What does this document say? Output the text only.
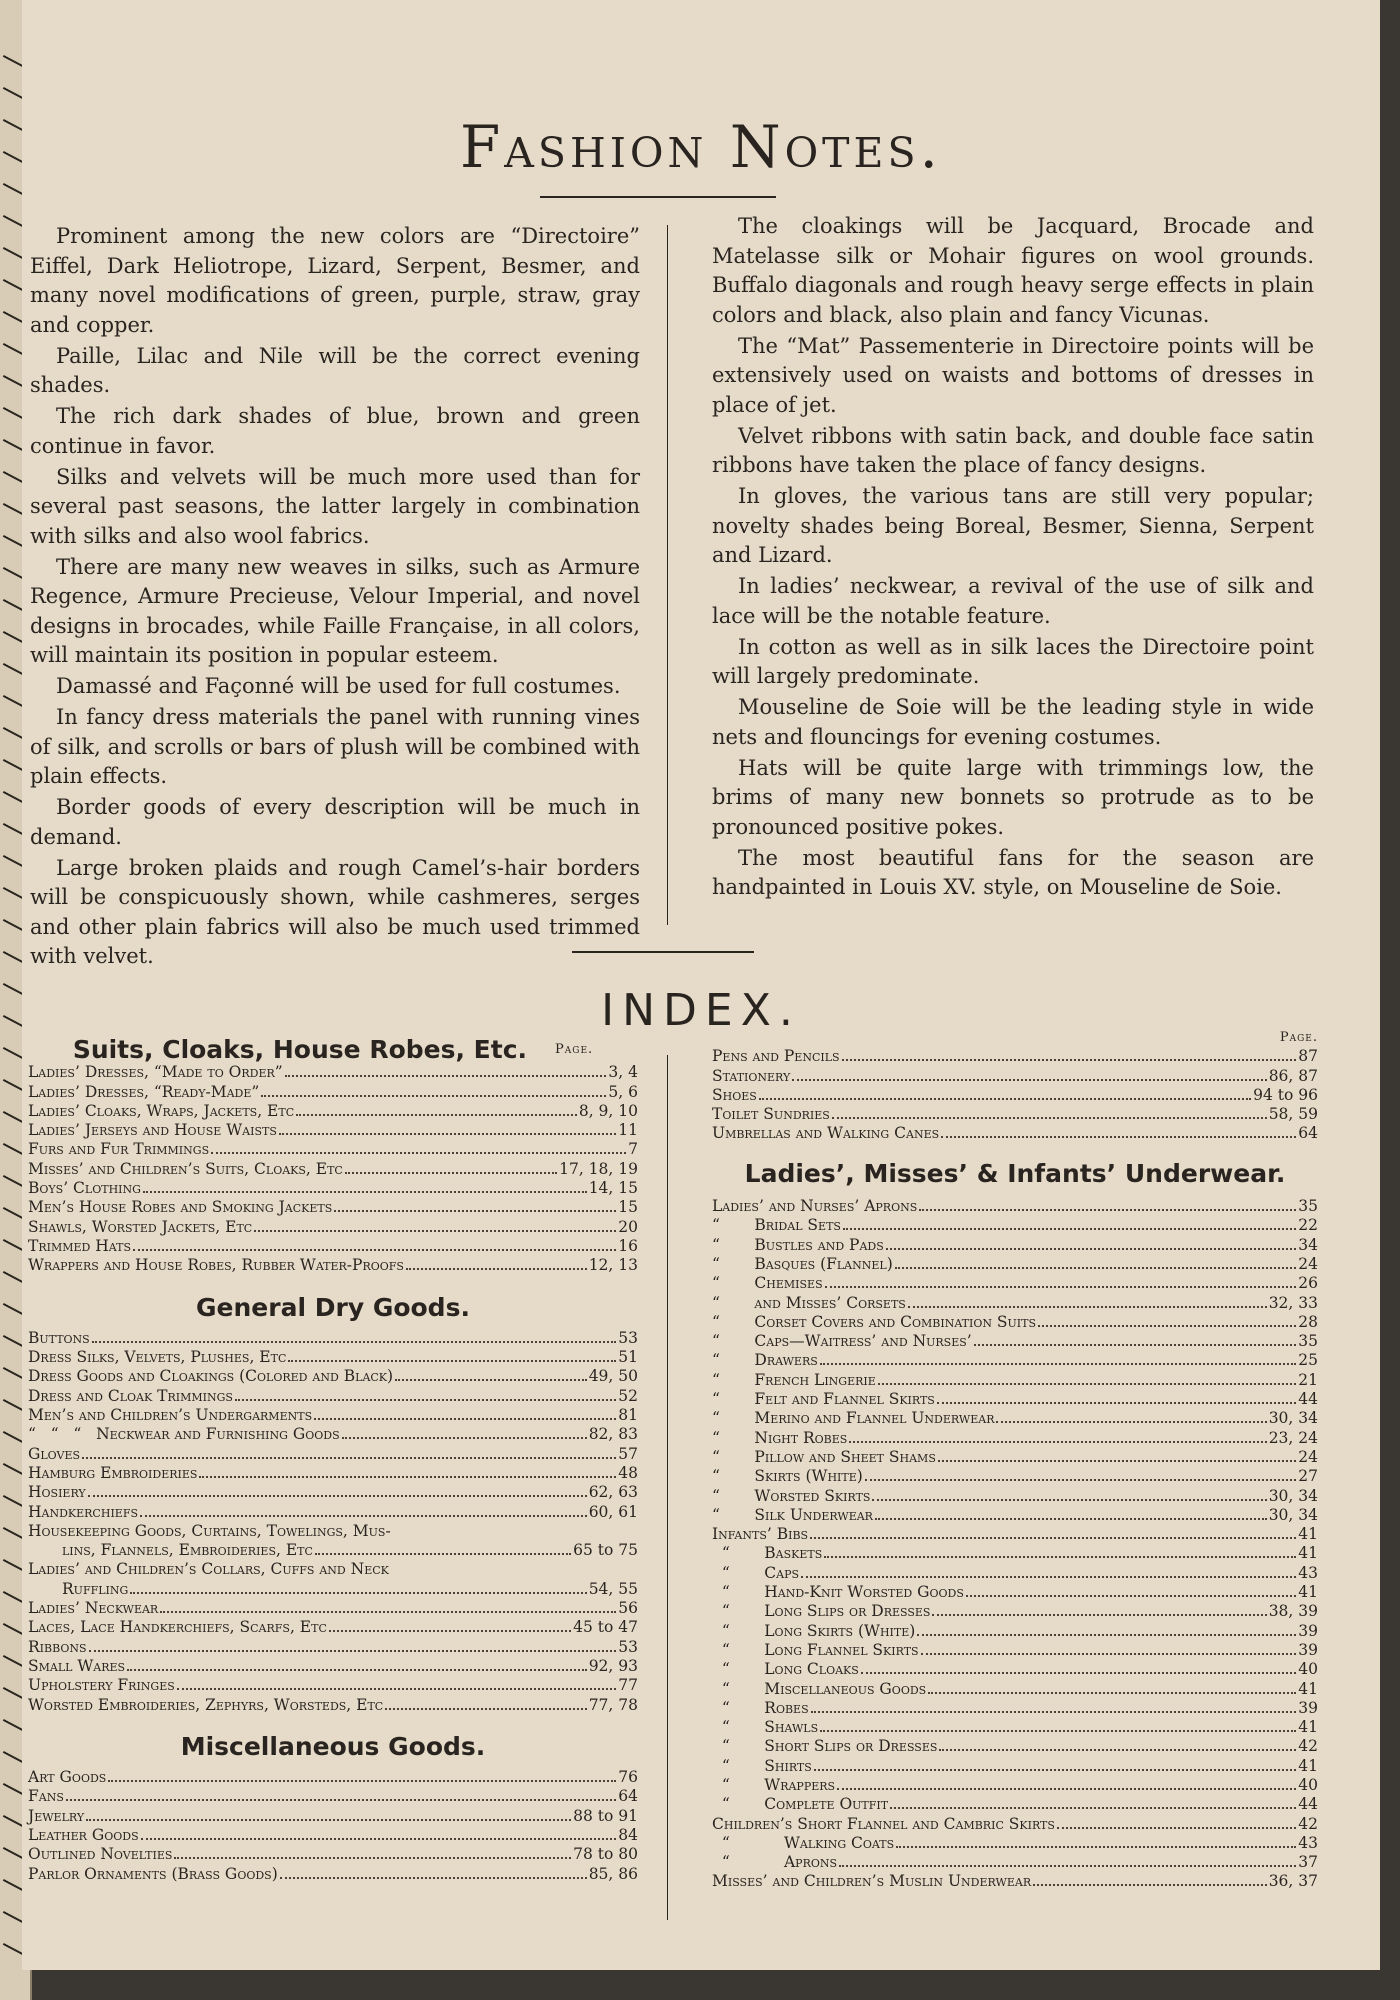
Fashion Notes.

Prominent among the new colors are “Directoire” Eiffel, Dark Heliotrope, Lizard, Serpent, Besmer, and many novel modifications of green, purple, straw, gray and copper.

Paille, Lilac and Nile will be the correct evening shades.

The rich dark shades of blue, brown and green continue in favor.

Silks and velvets will be much more used than for several past seasons, the latter largely in combination with silks and also wool fabrics.

There are many new weaves in silks, such as Armure Regence, Armure Precieuse, Velour Imperial, and novel designs in brocades, while Faille Française, in all colors, will maintain its position in popular esteem.

Damassé and Façonné will be used for full costumes.

In fancy dress materials the panel with running vines of silk, and scrolls or bars of plush will be combined with plain effects.

Border goods of every description will be much in demand.

Large broken plaids and rough Camel’s-hair borders will be conspicuously shown, while cashmeres, serges and other plain fabrics will also be much used trimmed with velvet.

The cloakings will be Jacquard, Brocade and Matelasse silk or Mohair figures on wool grounds. Buffalo diagonals and rough heavy serge effects in plain colors and black, also plain and fancy Vicunas.

The “Mat” Passementerie in Directoire points will be extensively used on waists and bottoms of dresses in place of jet.

Velvet ribbons with satin back, and double face satin ribbons have taken the place of fancy designs.

In gloves, the various tans are still very popular; novelty shades being Boreal, Besmer, Sienna, Serpent and Lizard.

In ladies’ neckwear, a revival of the use of silk and lace will be the notable feature.

In cotton as well as in silk laces the Directoire point will largely predominate.

Mouseline de Soie will be the leading style in wide nets and flouncings for evening costumes.

Hats will be quite large with trimmings low, the brims of many new bonnets so protrude as to be pronounced positive pokes.

The most beautiful fans for the season are handpainted in Louis XV. style, on Mouseline de Soie.

INDEX.
Suits, Cloaks, House Robes, Etc. Page.
Ladies’ Dresses, “Made to Order”	3, 4
Ladies’ Dresses, “Ready-Made”	5, 6
Ladies’ Cloaks, Wraps, Jackets, Etc	8, 9, 10
Ladies’ Jerseys and House Waists	11
Furs and Fur Trimmings	7
Misses’ and Children’s Suits, Cloaks, Etc	17, 18, 19
Boys’ Clothing	14, 15
Men’s House Robes and Smoking Jackets	15
Shawls, Worsted Jackets, Etc	20
Trimmed Hats	16
Wrappers and House Robes, Rubber Water-Proofs	12, 13
General Dry Goods.
Buttons	53
Dress Silks, Velvets, Plushes, Etc	51
Dress Goods and Cloakings (Colored and Black)	49, 50
Dress and Cloak Trimmings	52
Men’s and Children’s Undergarments	81
“   “   “   Neckwear and Furnishing Goods	82, 83
Gloves	57
Hamburg Embroideries	48
Hosiery	62, 63
Handkerchiefs	60, 61
Housekeeping Goods, Curtains, Towelings, Mus-
lins, Flannels, Embroideries, Etc	65 to 75
Ladies’ and Children’s Collars, Cuffs and Neck
Ruffling	54, 55
Ladies’ Neckwear	56
Laces, Lace Handkerchiefs, Scarfs, Etc	45 to 47
Ribbons	53
Small Wares	92, 93
Upholstery Fringes	77
Worsted Embroideries, Zephyrs, Worsteds, Etc	77, 78
Miscellaneous Goods.
Art Goods	76
Fans	64
Jewelry	88 to 91
Leather Goods	84
Outlined Novelties	78 to 80
Parlor Ornaments (Brass Goods)	85, 86
Page.
Pens and Pencils	87
Stationery	86, 87
Shoes	94 to 96
Toilet Sundries	58, 59
Umbrellas and Walking Canes	64
Ladies’, Misses’ & Infants’ Underwear.
Ladies’ and Nurses’ Aprons	35
“       Bridal Sets	22
“       Bustles and Pads	34
“       Basques (Flannel)	24
“       Chemises	26
“       and Misses’ Corsets	32, 33
“       Corset Covers and Combination Suits	28
“       Caps—Waitress’ and Nurses’	35
“       Drawers	25
“       French Lingerie	21
“       Felt and Flannel Skirts	44
“       Merino and Flannel Underwear	30, 34
“       Night Robes	23, 24
“       Pillow and Sheet Shams	24
“       Skirts (White)	27
“       Worsted Skirts	30, 34
“       Silk Underwear	30, 34
Infants’ Bibs	41
“       Baskets	41
“       Caps	43
“       Hand-Knit Worsted Goods	41
“       Long Slips or Dresses	38, 39
“       Long Skirts (White)	39
“       Long Flannel Skirts	39
“       Long Cloaks	40
“       Miscellaneous Goods	41
“       Robes	39
“       Shawls	41
“       Short Slips or Dresses	42
“       Shirts	41
“       Wrappers	40
“       Complete Outfit	44
Children’s Short Flannel and Cambric Skirts	42
“           Walking Coats	43
“           Aprons	37
Misses’ and Children’s Muslin Underwear	36, 37
